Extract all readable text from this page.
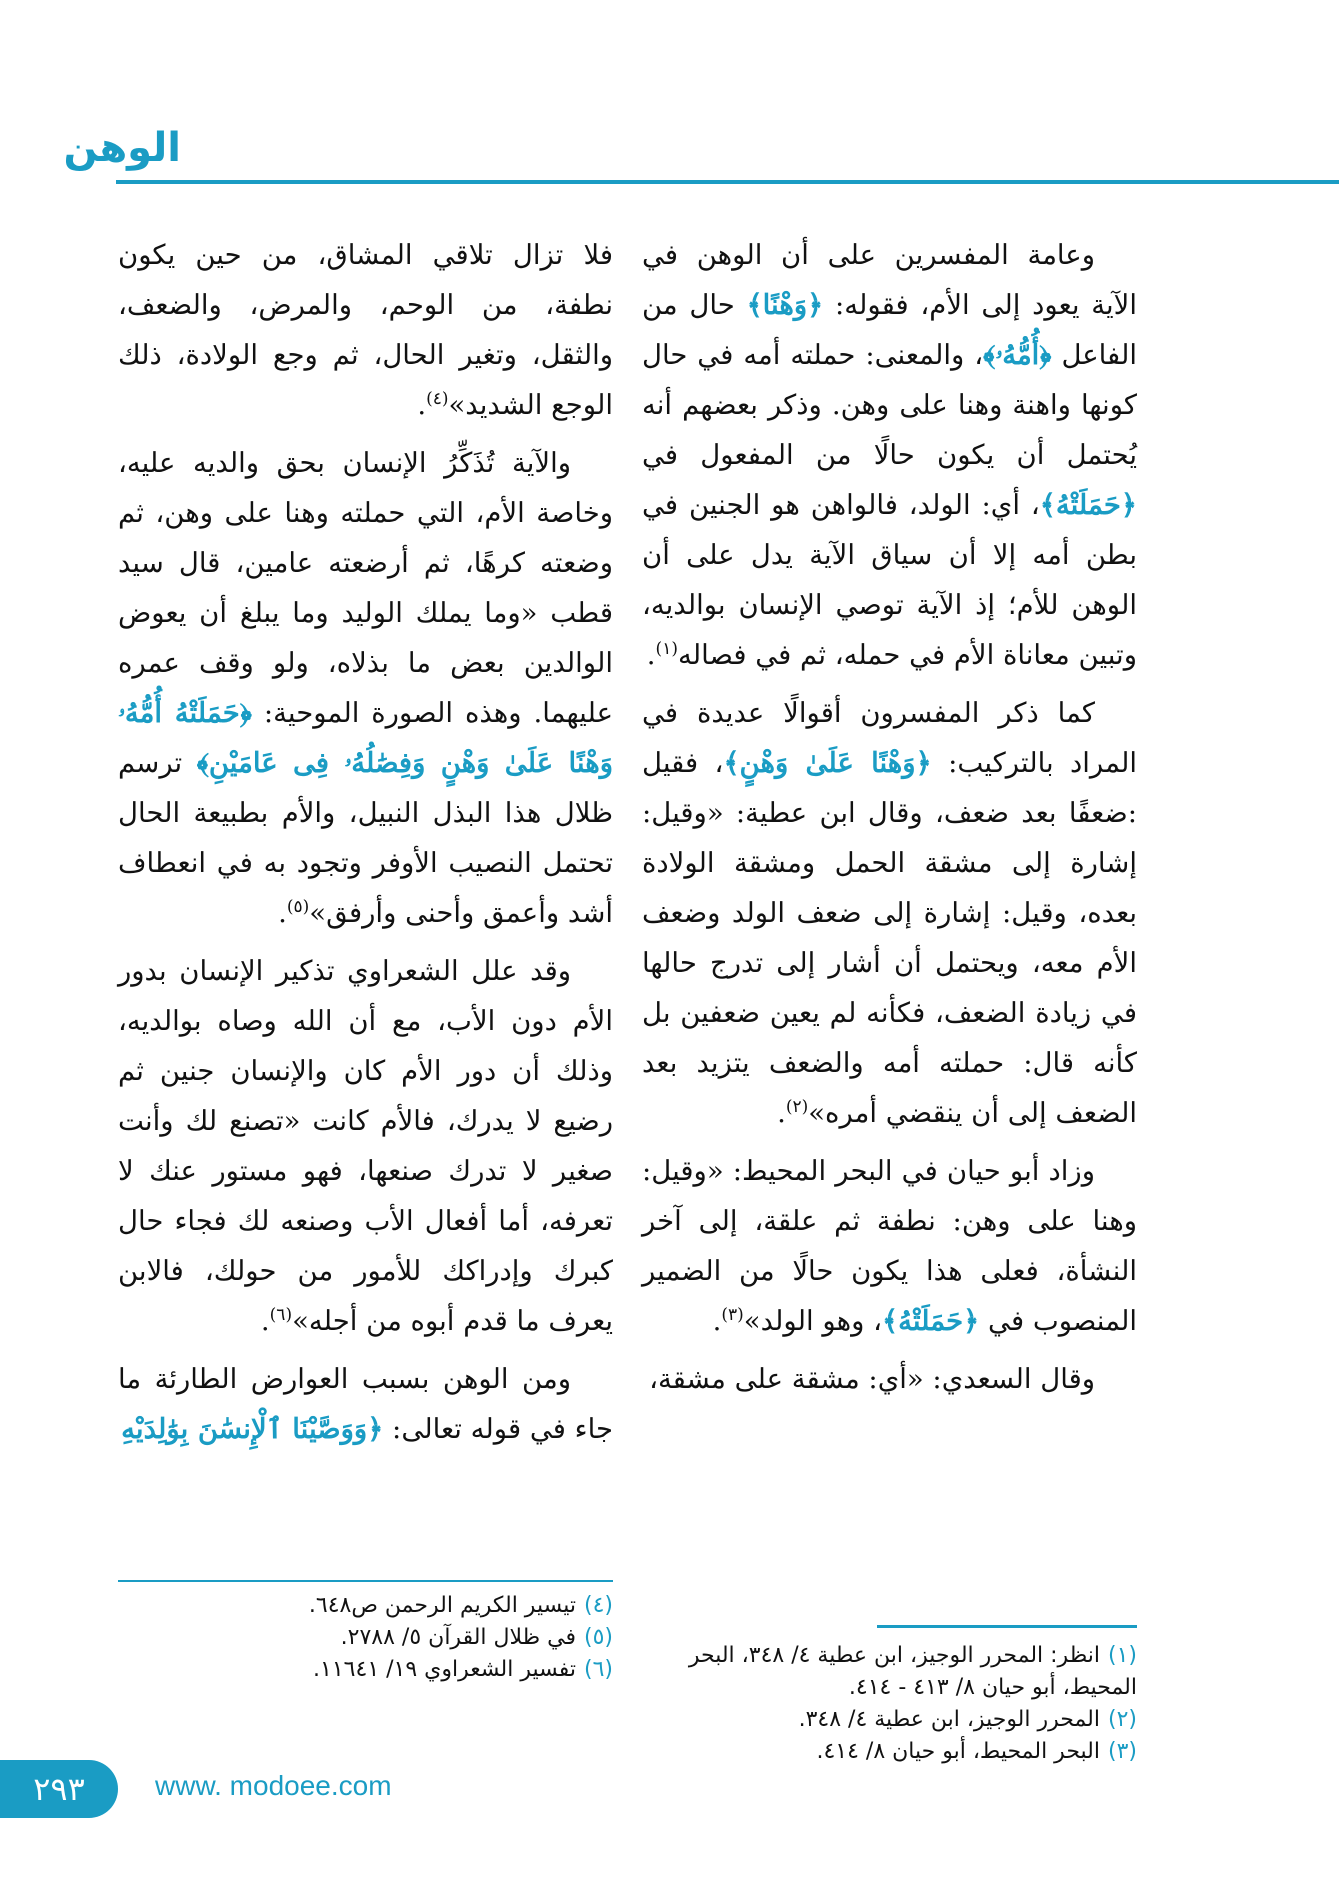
الوهن

وعامة المفسرين على أن الوهن في الآية يعود إلى الأم، فقوله: ﴿وَهْنًا﴾ حال من الفاعل ﴿أُمُّهُۥ﴾، والمعنى: حملته أمه في حال كونها واهنة وهنا على وهن. وذكر بعضهم أنه يُحتمل أن يكون حالًا من المفعول في ﴿حَمَلَتْهُ﴾، أي: الولد، فالواهن هو الجنين في بطن أمه إلا أن سياق الآية يدل على أن الوهن للأم؛ إذ الآية توصي الإنسان بوالديه، وتبين معاناة الأم في حمله، ثم في فصاله$^{(١)}$.

كما ذكر المفسرون أقوالًا عديدة في المراد بالتركيب: ﴿وَهْنًا عَلَىٰ وَهْنٍ﴾، فقيل :ضعفًا بعد ضعف، وقال ابن عطية: «وقيل: إشارة إلى مشقة الحمل ومشقة الولادة بعده، وقيل: إشارة إلى ضعف الولد وضعف الأم معه، ويحتمل أن أشار إلى تدرج حالها في زيادة الضعف، فكأنه لم يعين ضعفين بل كأنه قال: حملته أمه والضعف يتزيد بعد الضعف إلى أن ينقضي أمره»$^{(٢)}$.

وزاد أبو حيان في البحر المحيط: «وقيل: وهنا على وهن: نطفة ثم علقة، إلى آخر النشأة، فعلى هذا يكون حالًا من الضمير المنصوب في ﴿حَمَلَتْهُ﴾، وهو الولد»$^{(٣)}$.

وقال السعدي: «أي: مشقة على مشقة،

(١)انظر: المحرر الوجيز، ابن عطية ٤/ ٣٤٨، البحر المحيط، أبو حيان ٨/ ٤١٣ - ٤١٤.
(٢)المحرر الوجيز، ابن عطية ٤/ ٣٤٨.
(٣)البحر المحيط، أبو حيان ٨/ ٤١٤.

فلا تزال تلاقي المشاق، من حين يكون نطفة، من الوحم، والمرض، والضعف، والثقل، وتغير الحال، ثم وجع الولادة، ذلك الوجع الشديد»$^{(٤)}$.

والآية تُذَكِّرُ الإنسان بحق والديه عليه، وخاصة الأم، التي حملته وهنا على وهن، ثم وضعته كرهًا، ثم أرضعته عامين، قال سيد قطب «وما يملك الوليد وما يبلغ أن يعوض الوالدين بعض ما بذلاه، ولو وقف عمره عليهما. وهذه الصورة الموحية: ﴿حَمَلَتْهُ أُمُّهُۥ وَهْنًا عَلَىٰ وَهْنٍ وَفِصَٰلُهُۥ فِى عَامَيْنِ﴾ ترسم ظلال هذا البذل النبيل، والأم بطبيعة الحال تحتمل النصيب الأوفر وتجود به في انعطاف أشد وأعمق وأحنى وأرفق»$^{(٥)}$.

وقد علل الشعراوي تذكير الإنسان بدور الأم دون الأب، مع أن الله وصاه بوالديه، وذلك أن دور الأم كان والإنسان جنين ثم رضيع لا يدرك، فالأم كانت «تصنع لك وأنت صغير لا تدرك صنعها، فهو مستور عنك لا تعرفه، أما أفعال الأب وصنعه لك فجاء حال كبرك وإدراكك للأمور من حولك، فالابن يعرف ما قدم أبوه من أجله»$^{(٦)}$.

ومن الوهن بسبب العوارض الطارئة ما جاء في قوله تعالى: ﴿وَوَصَّيْنَا ٱلْإِنسَٰنَ بِوَٰلِدَيْهِ

(٤)تيسير الكريم الرحمن ص٦٤٨.
(٥)في ظلال القرآن ٥/ ٢٧٨٨.
(٦)تفسير الشعراوي ١٩/ ١١٦٤١.
٢٩٣	www. modoee.com
